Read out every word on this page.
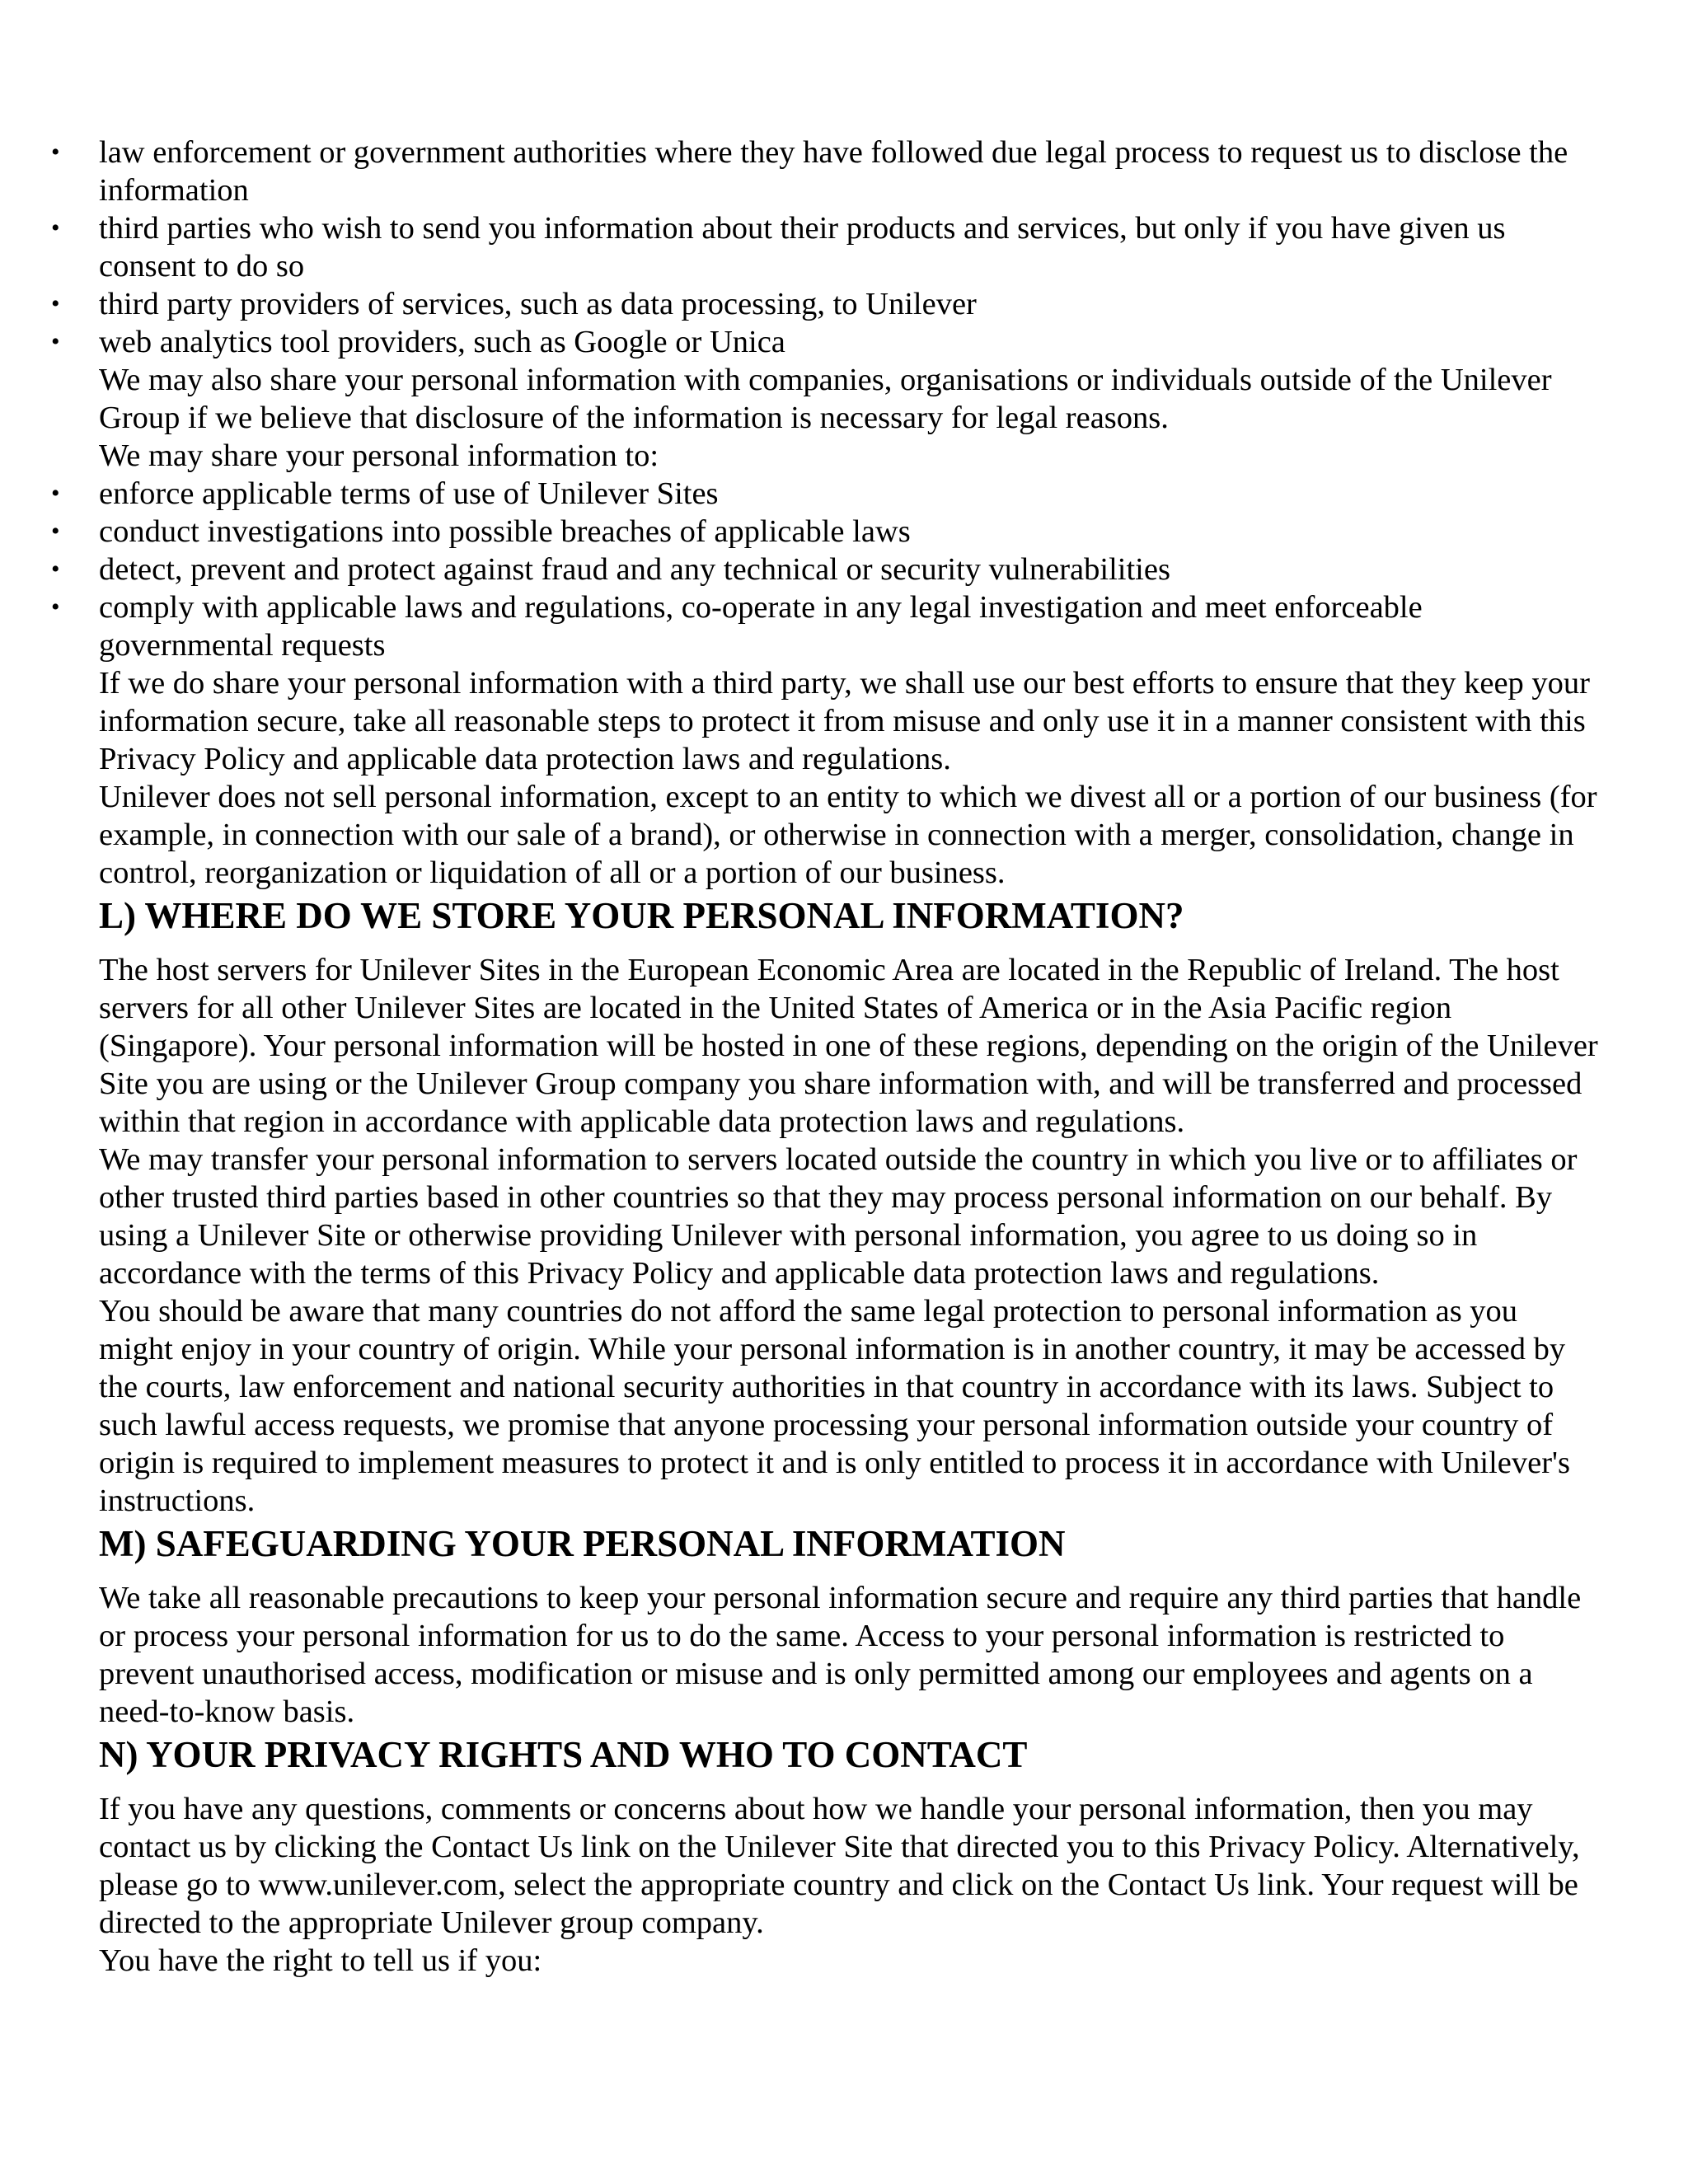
• law enforcement or government authorities where they have followed due legal process to request us to disclose the information
• third parties who wish to send you information about their products and services, but only if you have given us consent to do so
• third party providers of services, such as data processing, to Unilever
• web analytics tool providers, such as Google or Unica

We may also share your personal information with companies, organisations or individuals outside of the Unilever Group if we believe that disclosure of the information is necessary for legal reasons.

We may share your personal information to:

• enforce applicable terms of use of Unilever Sites
• conduct investigations into possible breaches of applicable laws
• detect, prevent and protect against fraud and any technical or security vulnerabilities
• comply with applicable laws and regulations, co-operate in any legal investigation and meet enforceable governmental requests

If we do share your personal information with a third party, we shall use our best efforts to ensure that they keep your information secure, take all reasonable steps to protect it from misuse and only use it in a manner consistent with this Privacy Policy and applicable data protection laws and regulations.

Unilever does not sell personal information, except to an entity to which we divest all or a portion of our business (for example, in connection with our sale of a brand), or otherwise in connection with a merger, consolidation, change in control, reorganization or liquidation of all or a portion of our business.

L) WHERE DO WE STORE YOUR PERSONAL INFORMATION?

The host servers for Unilever Sites in the European Economic Area are located in the Republic of Ireland. The host servers for all other Unilever Sites are located in the United States of America or in the Asia Pacific region (Singapore). Your personal information will be hosted in one of these regions, depending on the origin of the Unilever Site you are using or the Unilever Group company you share information with, and will be transferred and processed within that region in accordance with applicable data protection laws and regulations.

We may transfer your personal information to servers located outside the country in which you live or to affiliates or other trusted third parties based in other countries so that they may process personal information on our behalf. By using a Unilever Site or otherwise providing Unilever with personal information, you agree to us doing so in accordance with the terms of this Privacy Policy and applicable data protection laws and regulations.

You should be aware that many countries do not afford the same legal protection to personal information as you might enjoy in your country of origin. While your personal information is in another country, it may be accessed by the courts, law enforcement and national security authorities in that country in accordance with its laws. Subject to such lawful access requests, we promise that anyone processing your personal information outside your country of origin is required to implement measures to protect it and is only entitled to process it in accordance with Unilever's instructions.

M) SAFEGUARDING YOUR PERSONAL INFORMATION

We take all reasonable precautions to keep your personal information secure and require any third parties that handle or process your personal information for us to do the same. Access to your personal information is restricted to prevent unauthorised access, modification or misuse and is only permitted among our employees and agents on a need-to-know basis.

N) YOUR PRIVACY RIGHTS AND WHO TO CONTACT

If you have any questions, comments or concerns about how we handle your personal information, then you may contact us by clicking the Contact Us link on the Unilever Site that directed you to this Privacy Policy. Alternatively, please go to www.unilever.com, select the appropriate country and click on the Contact Us link. Your request will be directed to the appropriate Unilever group company.

You have the right to tell us if you:
